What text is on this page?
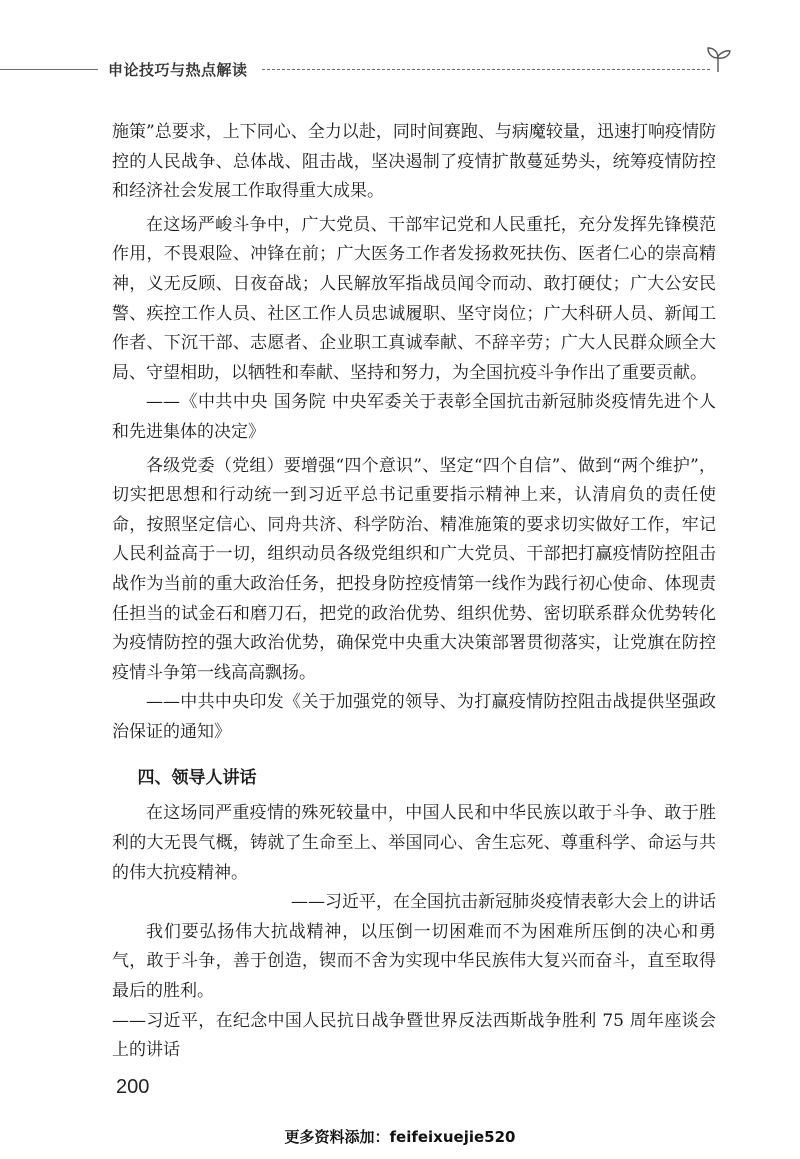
申论技巧与热点解读

施策”总要求，上下同心、全力以赴，同时间赛跑、与病魔较量，迅速打响疫情防控的人民战争、总体战、阻击战，坚决遏制了疫情扩散蔓延势头，统筹疫情防控和经济社会发展工作取得重大成果。

在这场严峻斗争中，广大党员、干部牢记党和人民重托，充分发挥先锋模范作用，不畏艰险、冲锋在前；广大医务工作者发扬救死扶伤、医者仁心的崇高精神，义无反顾、日夜奋战；人民解放军指战员闻令而动、敢打硬仗；广大公安民警、疾控工作人员、社区工作人员忠诚履职、坚守岗位；广大科研人员、新闻工作者、下沉干部、志愿者、企业职工真诚奉献、不辞辛劳；广大人民群众顾全大局、守望相助，以牺牲和奉献、坚持和努力，为全国抗疫斗争作出了重要贡献。

——《中共中央 国务院 中央军委关于表彰全国抗击新冠肺炎疫情先进个人和先进集体的决定》

各级党委（党组）要增强“四个意识”、坚定“四个自信”、做到“两个维护”，切实把思想和行动统一到习近平总书记重要指示精神上来，认清肩负的责任使命，按照坚定信心、同舟共济、科学防治、精准施策的要求切实做好工作，牢记人民利益高于一切，组织动员各级党组织和广大党员、干部把打赢疫情防控阻击战作为当前的重大政治任务，把投身防控疫情第一线作为践行初心使命、体现责任担当的试金石和磨刀石，把党的政治优势、组织优势、密切联系群众优势转化为疫情防控的强大政治优势，确保党中央重大决策部署贯彻落实，让党旗在防控疫情斗争第一线高高飘扬。

——中共中央印发《关于加强党的领导、为打赢疫情防控阻击战提供坚强政治保证的通知》

四、领导人讲话

在这场同严重疫情的殊死较量中，中国人民和中华民族以敢于斗争、敢于胜利的大无畏气概，铸就了生命至上、举国同心、舍生忘死、尊重科学、命运与共的伟大抗疫精神。

——习近平，在全国抗击新冠肺炎疫情表彰大会上的讲话

我们要弘扬伟大抗战精神，以压倒一切困难而不为困难所压倒的决心和勇气，敢于斗争，善于创造，锲而不舍为实现中华民族伟大复兴而奋斗，直至取得最后的胜利。

——习近平，在纪念中国人民抗日战争暨世界反法西斯战争胜利 75 周年座谈会上的讲话

200
更多资料添加：feifeixuejie520
